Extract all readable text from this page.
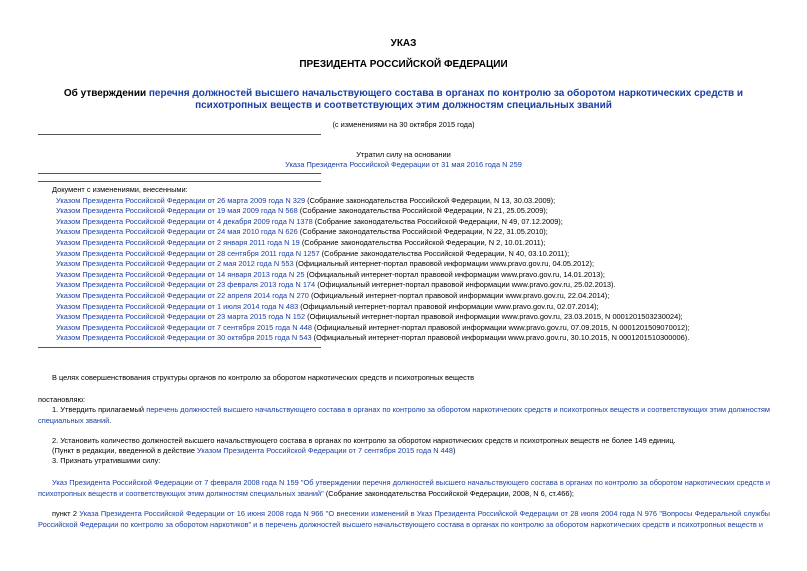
УКАЗ
ПРЕЗИДЕНТА РОССИЙСКОЙ ФЕДЕРАЦИИ
Об утверждении перечня должностей высшего начальствующего состава в органах по контролю за оборотом наркотических средств и психотропных веществ и соответствующих этим должностям специальных званий
(с изменениями на 30 октября 2015 года)
Утратил силу на основании
Указа Президента Российской Федерации от 31 мая 2016 года N 259
Документ с изменениями, внесенными:
Указом Президента Российской Федерации от 26 марта 2009 года N 329 (Собрание законодательства Российской Федерации, N 13, 30.03.2009);
Указом Президента Российской Федерации от 19 мая 2009 года N 568 (Собрание законодательства Российской Федерации, N 21, 25.05.2009);
Указом Президента Российской Федерации от 4 декабря 2009 года N 1378 (Собрание законодательства Российской Федерации, N 49, 07.12.2009);
Указом Президента Российской Федерации от 24 мая 2010 года N 626 (Собрание законодательства Российской Федерации, N 22, 31.05.2010);
Указом Президента Российской Федерации от 2 января 2011 года N 19 (Собрание законодательства Российской Федерации, N 2, 10.01.2011);
Указом Президента Российской Федерации от 28 сентября 2011 года N 1257 (Собрание законодательства Российской Федерации, N 40, 03.10.2011);
Указом Президента Российской Федерации от 2 мая 2012 года N 553 (Официальный интернет-портал правовой информации www.pravo.gov.ru, 04.05.2012);
Указом Президента Российской Федерации от 14 января 2013 года N 25 (Официальный интернет-портал правовой информации www.pravo.gov.ru, 14.01.2013);
Указом Президента Российской Федерации от 23 февраля 2013 года N 174 (Официальный интернет-портал правовой информации www.pravo.gov.ru, 25.02.2013).
Указом Президента Российской Федерации от 22 апреля 2014 года N 270 (Официальный интернет-портал правовой информации www.pravo.gov.ru, 22.04.2014);
Указом Президента Российской Федерации от 1 июля 2014 года N 483 (Официальный интернет-портал правовой информации www.pravo.gov.ru, 02.07.2014);
Указом Президента Российской Федерации от 23 марта 2015 года N 152 (Официальный интернет-портал правовой информации www.pravo.gov.ru, 23.03.2015, N 0001201503230024);
Указом Президента Российской Федерации от 7 сентября 2015 года N 448 (Официальный интернет-портал правовой информации www.pravo.gov.ru, 07.09.2015, N 0001201509070012);
Указом Президента Российской Федерации от 30 октября 2015 года N 543 (Официальный интернет-портал правовой информации www.pravo.gov.ru, 30.10.2015, N 0001201510300006).
В целях совершенствования структуры органов по контролю за оборотом наркотических средств и психотропных веществ
постановляю:
1. Утвердить прилагаемый перечень должностей высшего начальствующего состава в органах по контролю за оборотом наркотических средств и психотропных веществ и соответствующих этим должностям специальных званий.
2. Установить количество должностей высшего начальствующего состава в органах по контролю за оборотом наркотических средств и психотропных веществ не более 149 единиц.
(Пункт в редакции, введенной в действие Указом Президента Российской Федерации от 7 сентября 2015 года N 448)
3. Признать утратившими силу:
Указ Президента Российской Федерации от 7 февраля 2008 года N 159 "Об утверждении перечня должностей высшего начальствующего состава в органах по контролю за оборотом наркотических средств и психотропных веществ и соответствующих этим должностям специальных званий" (Собрание законодательства Российской Федерации, 2008, N 6, ст.466);
пункт 2 Указа Президента Российской Федерации от 16 июня 2008 года N 966 "О внесении изменений в Указ Президента Российской Федерации от 28 июля 2004 года N 976 "Вопросы Федеральной службы Российской Федерации по контролю за оборотом наркотиков" и в перечень должностей высшего начальствующего состава в органах по контролю за оборотом наркотических средств и психотропных веществ и
